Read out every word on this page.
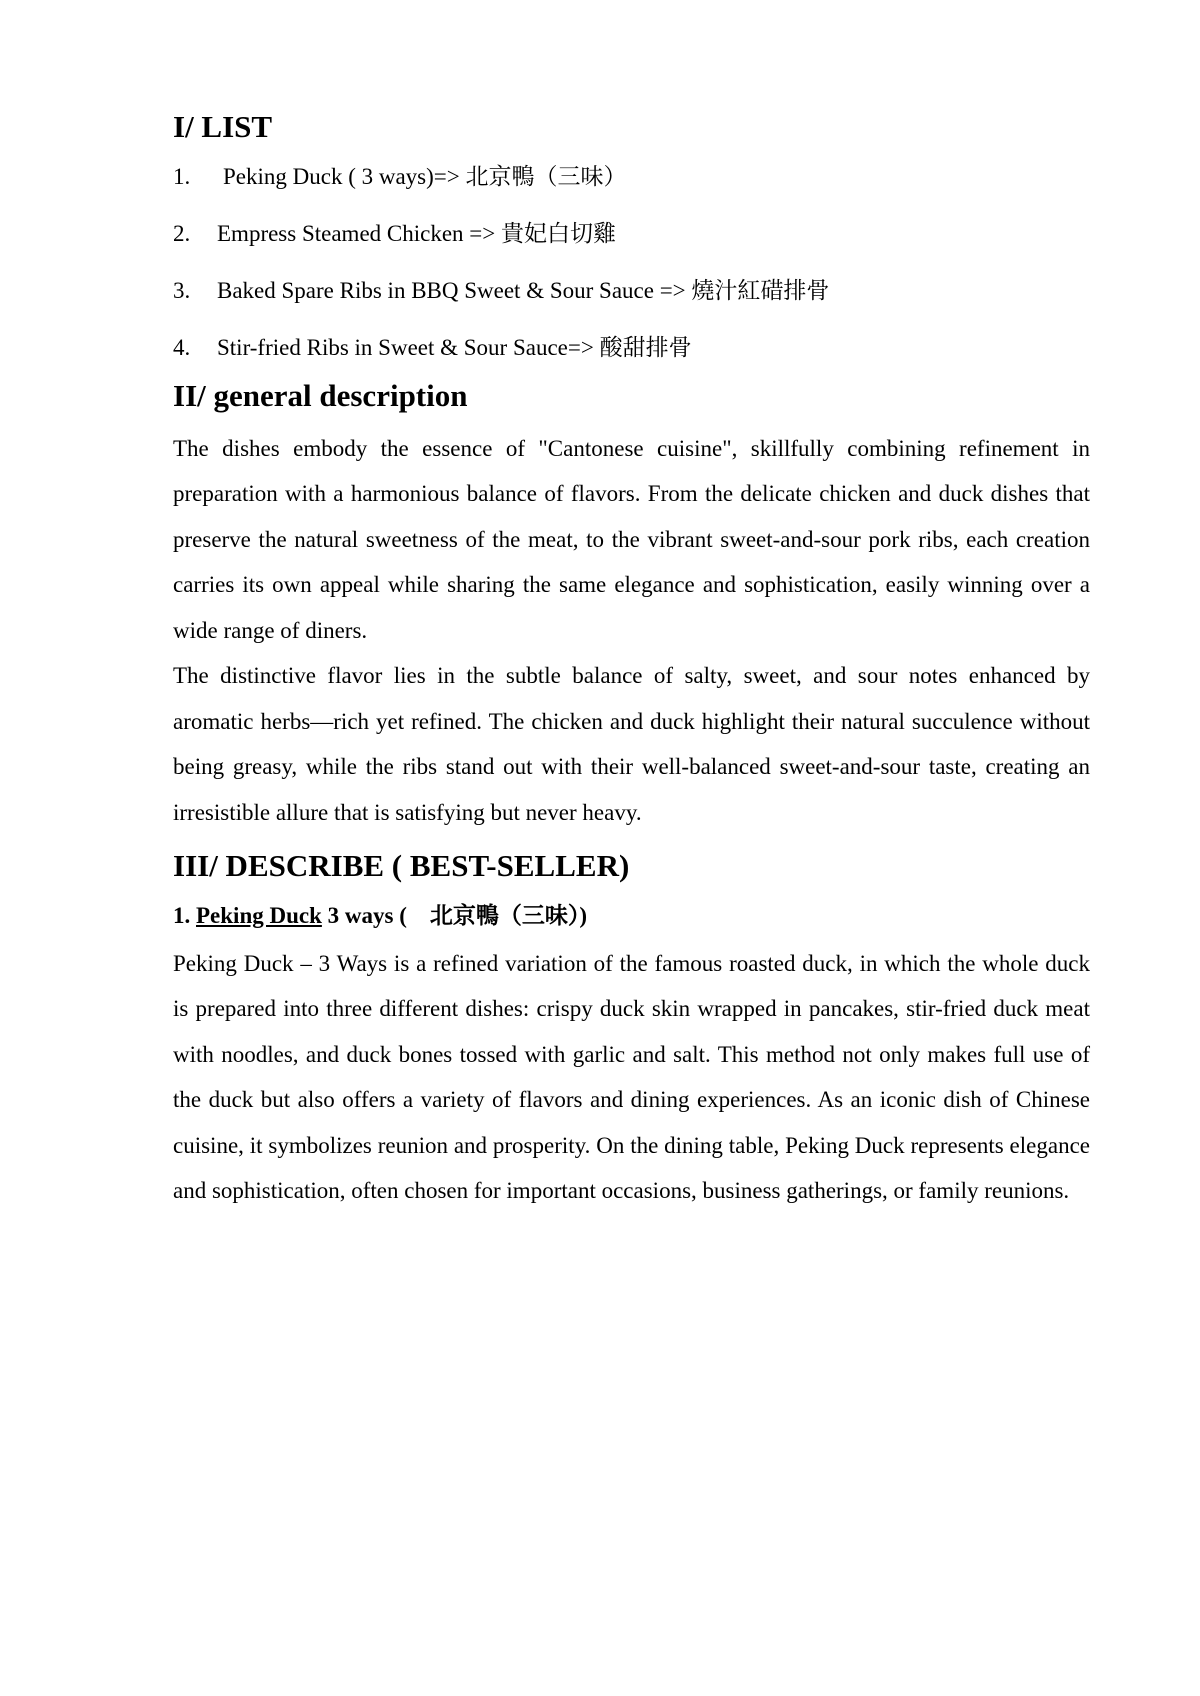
I/ LIST
1.	Peking Duck ( 3 ways)=> 北京鴨（三味）
2.	Empress Steamed Chicken => 貴妃白切雞
3.	Baked Spare Ribs in BBQ Sweet & Sour Sauce => 燒汁紅碏排骨
4.	Stir-fried Ribs in Sweet & Sour Sauce=> 酸甜排骨
II/ general description

The dishes embody the essence of "Cantonese cuisine", skillfully combining refinement in preparation with a harmonious balance of flavors. From the delicate chicken and duck dishes that preserve the natural sweetness of the meat, to the vibrant sweet-and-sour pork ribs, each creation carries its own appeal while sharing the same elegance and sophistication, easily winning over a wide range of diners.

The distinctive flavor lies in the subtle balance of salty, sweet, and sour notes enhanced by aromatic herbs—rich yet refined. The chicken and duck highlight their natural succulence without being greasy, while the ribs stand out with their well-balanced sweet-and-sour taste, creating an irresistible allure that is satisfying but never heavy.

III/ DESCRIBE ( BEST-SELLER)
1. Peking Duck 3 ways (　北京鴨（三味）)

Peking Duck – 3 Ways is a refined variation of the famous roasted duck, in which the whole duck is prepared into three different dishes: crispy duck skin wrapped in pancakes, stir-fried duck meat with noodles, and duck bones tossed with garlic and salt. This method not only makes full use of the duck but also offers a variety of flavors and dining experiences. As an iconic dish of Chinese cuisine, it symbolizes reunion and prosperity. On the dining table, Peking Duck represents elegance and sophistication, often chosen for important occasions, business gatherings, or family reunions.
